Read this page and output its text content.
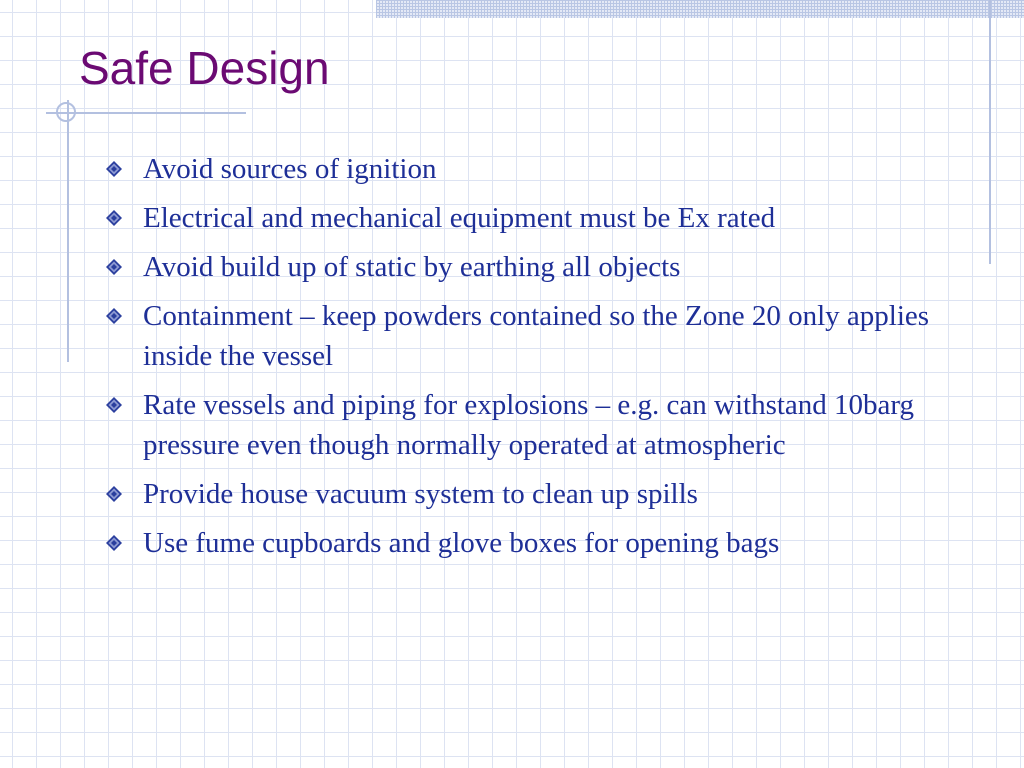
Safe Design
Avoid sources of ignition
Electrical and mechanical equipment must be Ex rated
Avoid build up of static by earthing all objects
Containment – keep powders contained so the Zone 20 only applies inside the vessel
Rate vessels and piping for explosions – e.g. can withstand 10barg pressure even though normally operated at atmospheric
Provide house vacuum system to clean up spills
Use fume cupboards and glove boxes for opening bags
